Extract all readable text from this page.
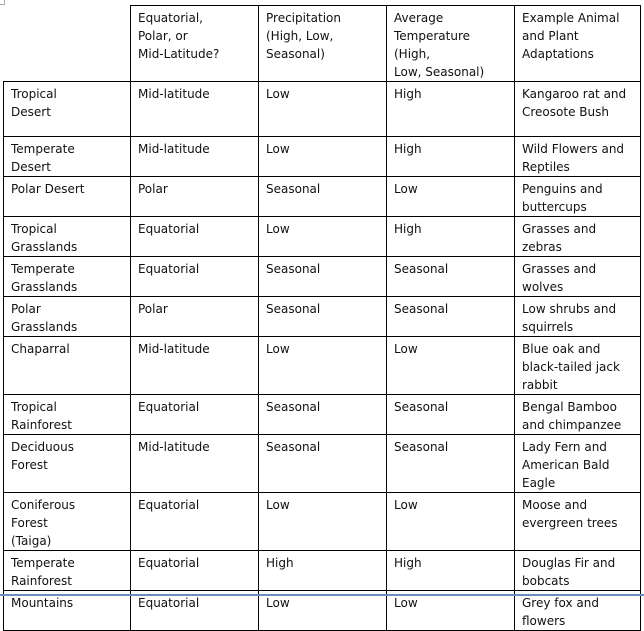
	Equatorial,
Polar, or
Mid-Latitude?	Precipitation
(High, Low,
Seasonal)	Average
Temperature
(High,
Low, Seasonal)	Example Animal
and Plant
Adaptations
Tropical
Desert	Mid-latitude	Low	High	Kangaroo rat and
Creosote Bush
Temperate
Desert	Mid-latitude	Low	High	Wild Flowers and
Reptiles
Polar Desert	Polar	Seasonal	Low	Penguins and
buttercups
Tropical
Grasslands	Equatorial	Low	High	Grasses and
zebras
Temperate
Grasslands	Equatorial	Seasonal	Seasonal	Grasses and
wolves
Polar
Grasslands	Polar	Seasonal	Seasonal	Low shrubs and
squirrels
Chaparral	Mid-latitude	Low	Low	Blue oak and
black-tailed jack
rabbit
Tropical
Rainforest	Equatorial	Seasonal	Seasonal	Bengal Bamboo
and chimpanzee
Deciduous
Forest	Mid-latitude	Seasonal	Seasonal	Lady Fern and
American Bald
Eagle
Coniferous
Forest
(Taiga)	Equatorial	Low	Low	Moose and
evergreen trees
Temperate
Rainforest	Equatorial	High	High	Douglas Fir and
bobcats
Mountains	Equatorial	Low	Low	Grey fox and
flowers
